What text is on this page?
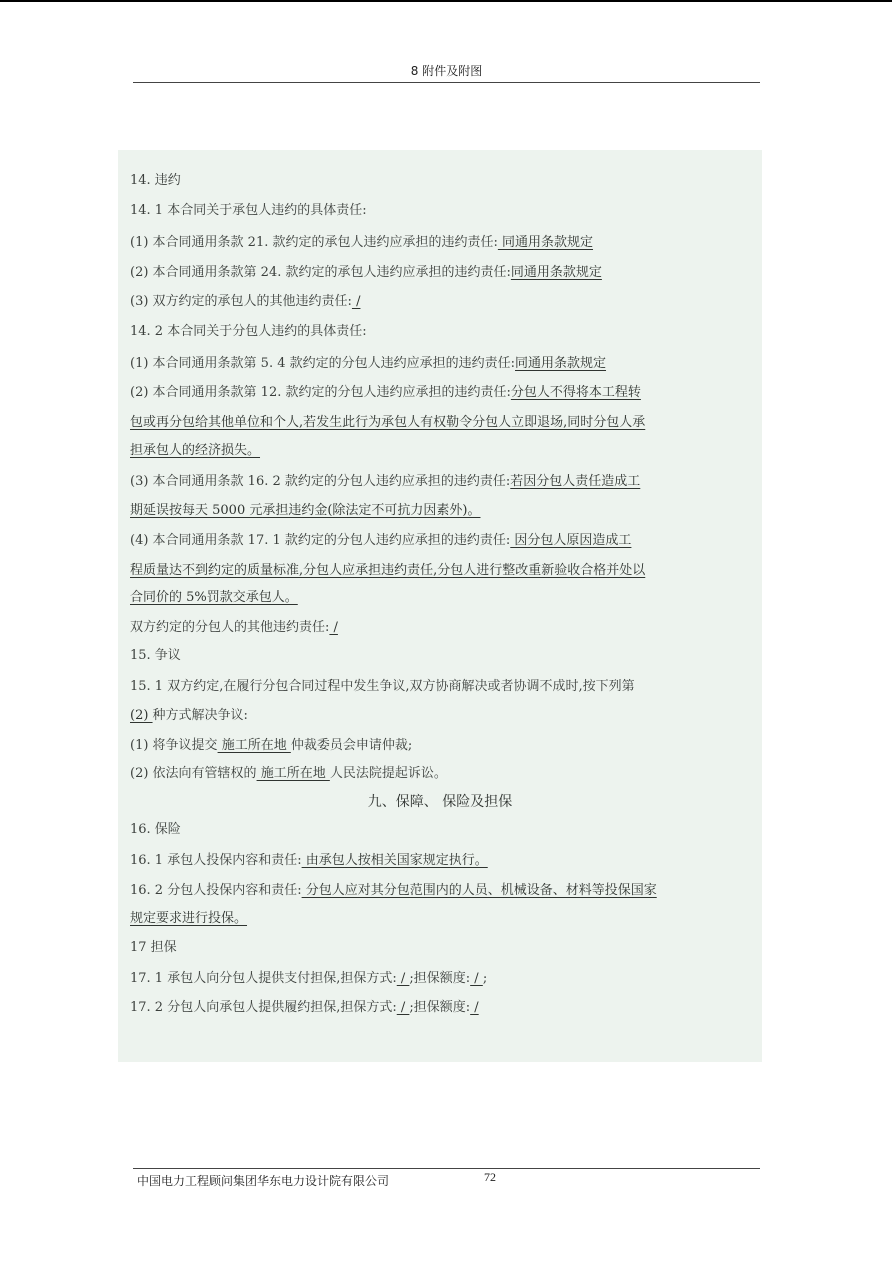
8 附件及附图
14. 违约
14. 1 本合同关于承包人违约的具体责任:
(1) 本合同通用条款 21. 款约定的承包人违约应承担的违约责任: 同通用条款规定
(2) 本合同通用条款第 24. 款约定的承包人违约应承担的违约责任:同通用条款规定
(3) 双方约定的承包人的其他违约责任: /
14. 2 本合同关于分包人违约的具体责任:
(1) 本合同通用条款第 5. 4 款约定的分包人违约应承担的违约责任:同通用条款规定
(2) 本合同通用条款第 12. 款约定的分包人违约应承担的违约责任:分包人不得将本工程转
包或再分包给其他单位和个人,若发生此行为承包人有权勒令分包人立即退场,同时分包人承
担承包人的经济损失。
(3) 本合同通用条款 16. 2 款约定的分包人违约应承担的违约责任:若因分包人责任造成工
期延误按每天 5000 元承担违约金(除法定不可抗力因素外)。
(4) 本合同通用条款 17. 1 款约定的分包人违约应承担的违约责任: 因分包人原因造成工
程质量达不到约定的质量标准,分包人应承担违约责任,分包人进行整改重新验收合格并处以
合同价的 5%罚款交承包人。
双方约定的分包人的其他违约责任: /
15. 争议
15. 1 双方约定,在履行分包合同过程中发生争议,双方协商解决或者协调不成时,按下列第
(2) 种方式解决争议:
(1) 将争议提交 施工所在地 仲裁委员会申请仲裁;
(2) 依法向有管辖权的 施工所在地 人民法院提起诉讼。
九、保障、 保险及担保
16. 保险
16. 1 承包人投保内容和责任: 由承包人按相关国家规定执行。
16. 2 分包人投保内容和责任: 分包人应对其分包范围内的人员、机械设备、材料等投保国家
规定要求进行投保。
17 担保
17. 1 承包人向分包人提供支付担保,担保方式: / ;担保额度: / ;
17. 2 分包人向承包人提供履约担保,担保方式: / ;担保额度: /
中国电力工程顾问集团华东电力设计院有限公司	72
